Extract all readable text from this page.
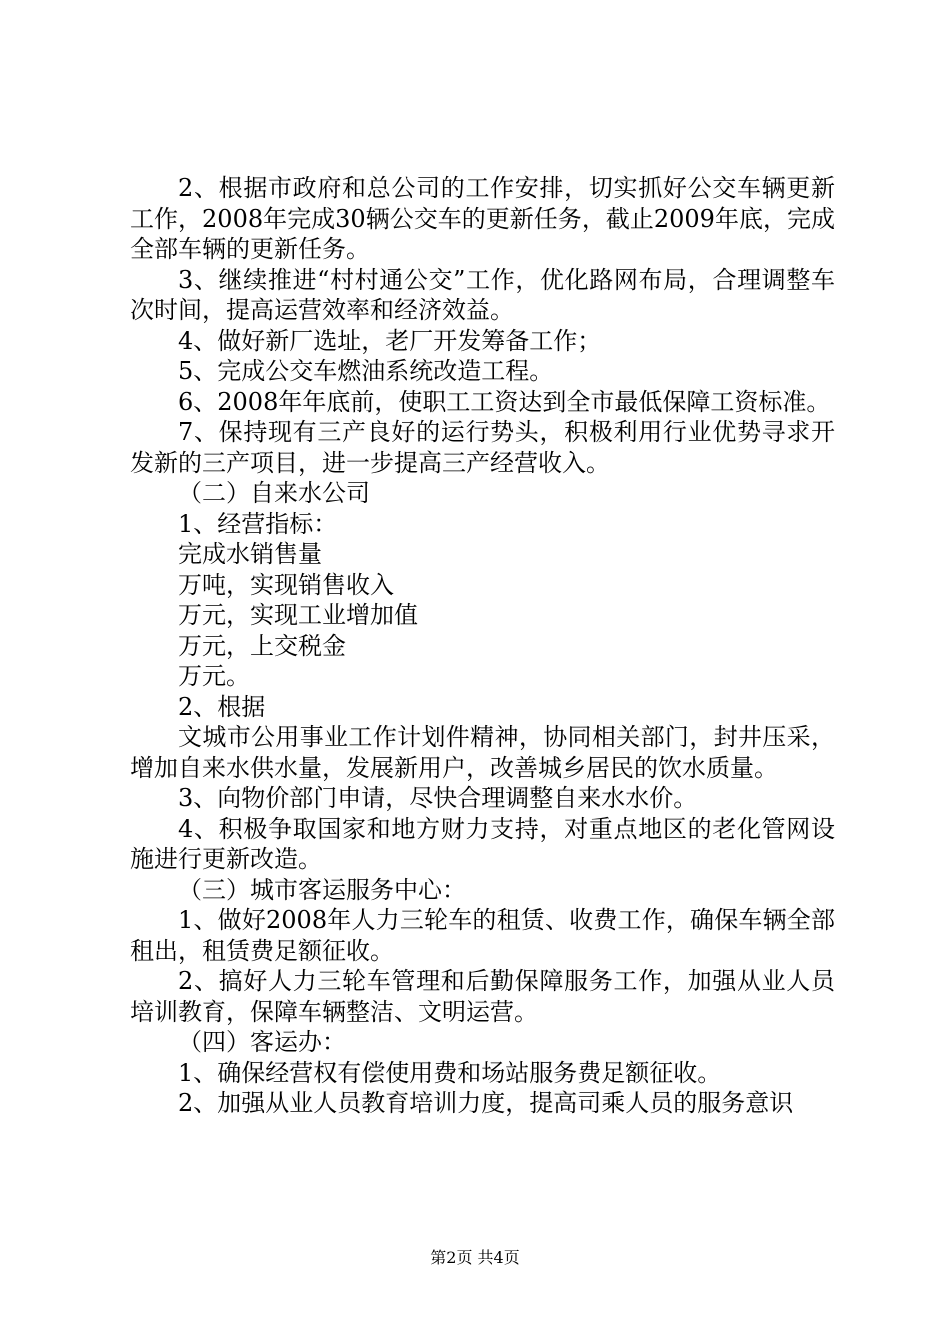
2、根据市政府和总公司的工作安排，切实抓好公交车辆更新工作，2008年完成30辆公交车的更新任务，截止2009年底，完成全部车辆的更新任务。

3、继续推进“村村通公交”工作，优化路网布局，合理调整车次时间，提高运营效率和经济效益。

4、做好新厂选址，老厂开发筹备工作；

5、完成公交车燃油系统改造工程。

6、2008年年底前，使职工工资达到全市最低保障工资标准。

7、保持现有三产良好的运行势头，积极利用行业优势寻求开发新的三产项目，进一步提高三产经营收入。

（二）自来水公司

1、经营指标：

完成水销售量

万吨，实现销售收入

万元，实现工业增加值

万元，上交税金

万元。

2、根据

文城市公用事业工作计划件精神，协同相关部门，封井压采，增加自来水供水量，发展新用户，改善城乡居民的饮水质量。

3、向物价部门申请，尽快合理调整自来水水价。

4、积极争取国家和地方财力支持，对重点地区的老化管网设施进行更新改造。

（三）城市客运服务中心：

1、做好2008年人力三轮车的租赁、收费工作，确保车辆全部租出，租赁费足额征收。

2、搞好人力三轮车管理和后勤保障服务工作，加强从业人员培训教育，保障车辆整洁、文明运营。

（四）客运办：

1、确保经营权有偿使用费和场站服务费足额征收。

2、加强从业人员教育培训力度，提高司乘人员的服务意识

第2页 共4页
